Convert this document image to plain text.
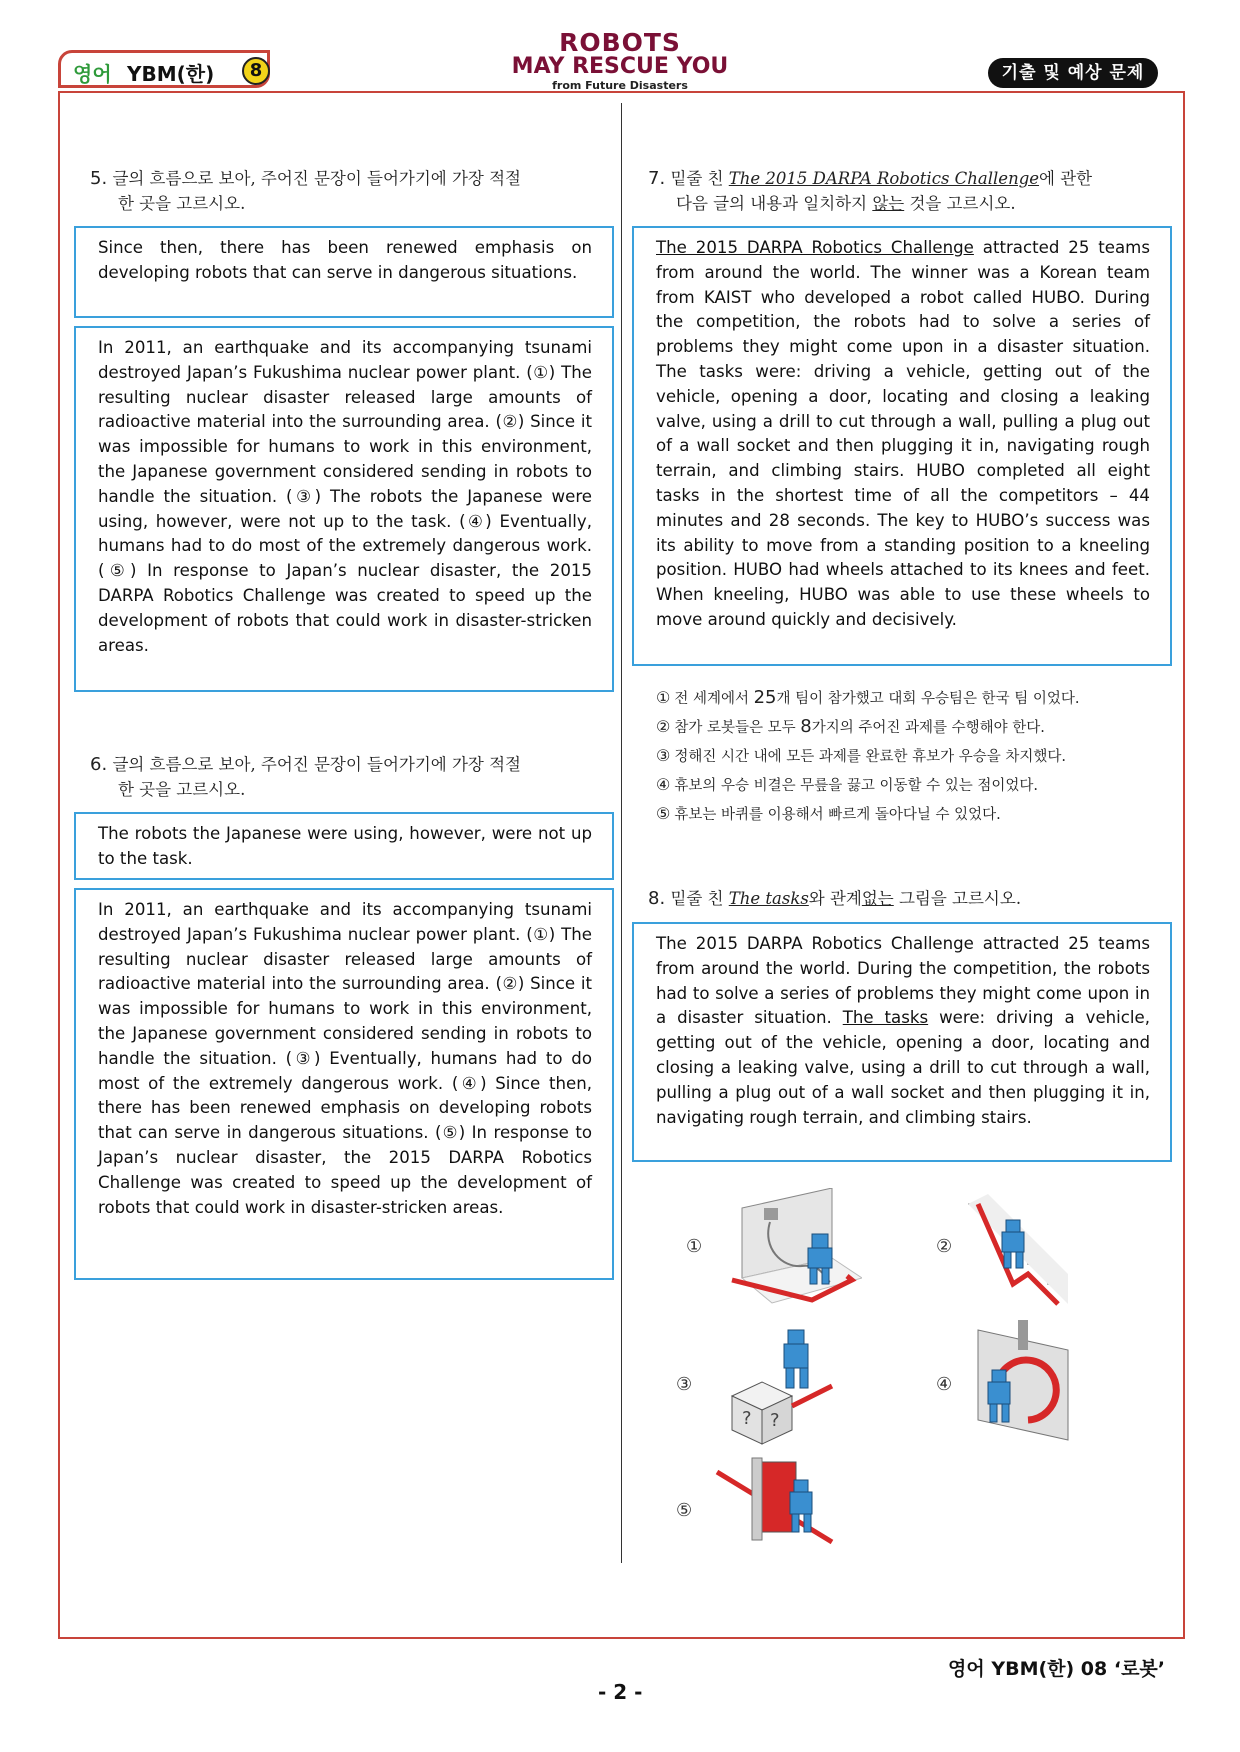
영어 YBM(한)	8
ROBOTS
MAY RESCUE YOU
from Future Disasters
기출 및 예상 문제
5. 글의 흐름으로 보아, 주어진 문장이 들어가기에 가장 적절
한 곳을 고르시오.
Since then, there has been renewed emphasis on developing robots that can serve in dangerous situations.
In 2011, an earthquake and its accompanying tsunami destroyed Japan’s Fukushima nuclear power plant. (①) The resulting nuclear disaster released large amounts of radioactive material into the surrounding area. (②) Since it was impossible for humans to work in this environment, the Japanese government considered sending in robots to handle the situation. (③) The robots the Japanese were using, however, were not up to the task. (④) Eventually, humans had to do most of the extremely dangerous work. (⑤) In response to Japan’s nuclear disaster, the 2015 DARPA Robotics Challenge was created to speed up the development of robots that could work in disaster-stricken areas.
6. 글의 흐름으로 보아, 주어진 문장이 들어가기에 가장 적절
한 곳을 고르시오.
The robots the Japanese were using, however, were not up to the task.
In 2011, an earthquake and its accompanying tsunami destroyed Japan’s Fukushima nuclear power plant. (①) The resulting nuclear disaster released large amounts of radioactive material into the surrounding area. (②) Since it was impossible for humans to work in this environment, the Japanese government considered sending in robots to handle the situation. (③) Eventually, humans had to do most of the extremely dangerous work. (④) Since then, there has been renewed emphasis on developing robots that can serve in dangerous situations. (⑤) In response to Japan’s nuclear disaster, the 2015 DARPA Robotics Challenge was created to speed up the development of robots that could work in disaster-stricken areas.
7. 밑줄 친 The 2015 DARPA Robotics Challenge에 관한
다음 글의 내용과 일치하지 않는 것을 고르시오.
The 2015 DARPA Robotics Challenge attracted 25 teams from around the world. The winner was a Korean team from KAIST who developed a robot called HUBO. During the competition, the robots had to solve a series of problems they might come upon in a disaster situation. The tasks were: driving a vehicle, getting out of the vehicle, opening a door, locating and closing a leaking valve, using a drill to cut through a wall, pulling a plug out of a wall socket and then plugging it in, navigating rough terrain, and climbing stairs. HUBO completed all eight tasks in the shortest time of all the competitors – 44 minutes and 28 seconds. The key to HUBO’s success was its ability to move from a standing position to a kneeling position. HUBO had wheels attached to its knees and feet. When kneeling, HUBO was able to use these wheels to move around quickly and decisively.
① 전 세계에서 25개 팀이 참가했고 대회 우승팀은 한국 팀 이었다.
② 참가 로봇들은 모두 8가지의 주어진 과제를 수행해야 한다.
③ 정해진 시간 내에 모든 과제를 완료한 휴보가 우승을 차지했다.
④ 휴보의 우승 비결은 무릎을 끓고 이동할 수 있는 점이었다.
⑤ 휴보는 바퀴를 이용해서 빠르게 돌아다닐 수 있었다.
8. 밑줄 친 The tasks와 관계없는 그림을 고르시오.
The 2015 DARPA Robotics Challenge attracted 25 teams from around the world. During the competition, the robots had to solve a series of problems they might come upon in a disaster situation. The tasks were: driving a vehicle, getting out of the vehicle, opening a door, locating and closing a leaking valve, using a drill to cut through a wall, pulling a plug out of a wall socket and then plugging it in, navigating rough terrain, and climbing stairs.
①	②
③
? ?
④
⑤
영어 YBM(한) 08 ‘로봇’
- 2 -
